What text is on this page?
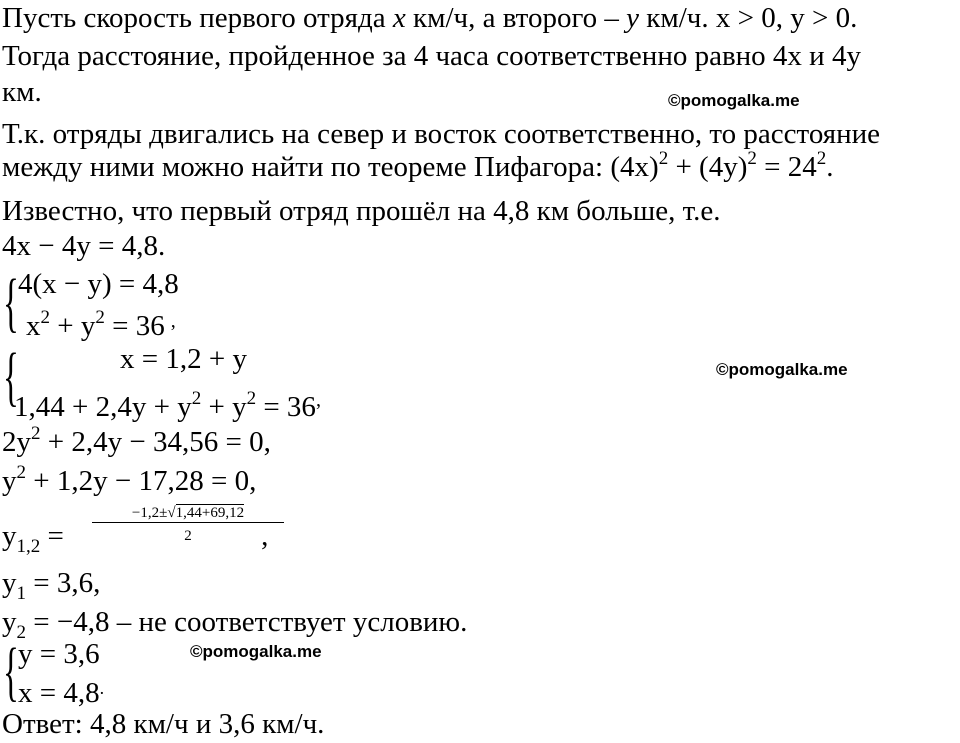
Пусть скорость первого отряда x км/ч, а второго – y км/ч. x > 0, y > 0.
Тогда расстояние, пройденное за 4 часа соответственно равно 4x и 4y
км.	©pomogalka.me
Т.к. отряды двигались на север и восток соответственно, то расстояние
между ними можно найти по теореме Пифагора: $(4x)^2 + (4y)^2 = 24^2$.
Известно, что первый отряд прошёл на 4,8 км больше, т.е.
4x − 4y = 4,8.
{ 4(x − y) = 4,8
$x^2 + y^2 = 36$ ,
{	x = 1,2 + y	©pomogalka.me
$1,44 + 2,4y + y^2 + y^2 = 36^,$
$2y^2 + 2,4y - 34,56 = 0$,
$y^2 + 1,2y - 17,28 = 0$,
$y_{1,2}$ =	,
$\frac{-1,2\pm√1,44+69,12}{2}$
$y_1 = 3,6$,
$y_2 = -4,8$ – не соответствует условию.
{ y = 3,6	©pomogalka.me
x = 4,8.
Ответ: 4,8 км/ч и 3,6 км/ч.
